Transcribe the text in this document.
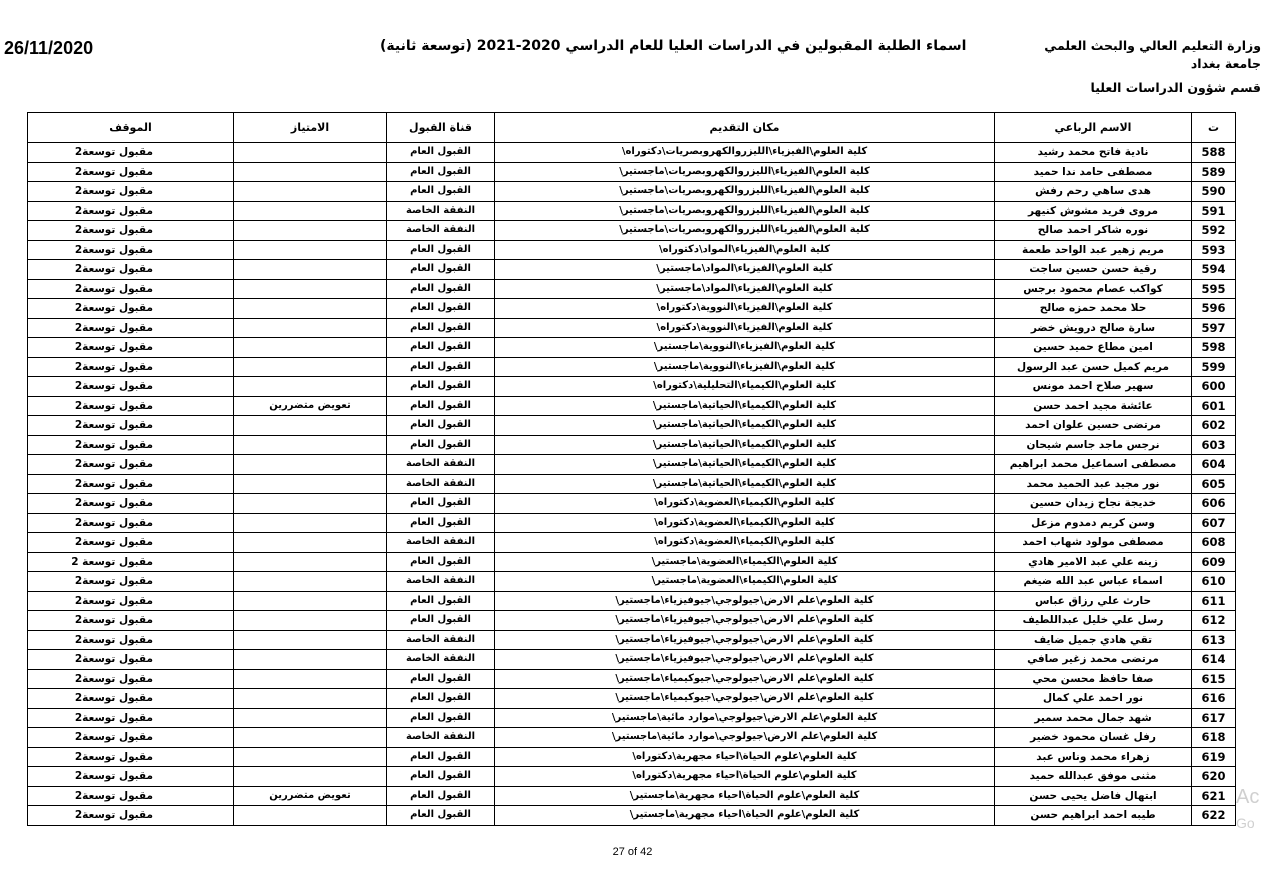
26/11/2020	اسماء الطلبة المقبولين في الدراسات العليا للعام الدراسي 2020-2021 (توسعة ثانية)	وزارة التعليم العالي والبحث العلمي
جامعة بغداد
قسم شؤون الدراسات العليا
ت	الاسم الرباعي	مكان التقديم	قناة القبول	الامتياز	الموقف
588	نادية فاتح محمد رشيد	كلية العلوم\الفيزياء\الليزروالكهروبصريات\دكتوراه\	القبول العام		مقبول توسعة2
589	مصطفى حامد ندا حميد	كلية العلوم\الفيزياء\الليزروالكهروبصريات\ماجستير\	القبول العام		مقبول توسعة2
590	هدى ساهي رحم رفش	كلية العلوم\الفيزياء\الليزروالكهروبصريات\ماجستير\	القبول العام		مقبول توسعة2
591	مروى فريد مشوش كنيهر	كلية العلوم\الفيزياء\الليزروالكهروبصريات\ماجستير\	النفقة الخاصة		مقبول توسعة2
592	نوره شاكر احمد صالح	كلية العلوم\الفيزياء\الليزروالكهروبصريات\ماجستير\	النفقة الخاصة		مقبول توسعة2
593	مريم زهير عبد الواحد طعمة	كلية العلوم\الفيزياء\المواد\دكتوراه\	القبول العام		مقبول توسعة2
594	رقية حسن حسين ساجت	كلية العلوم\الفيزياء\المواد\ماجستير\	القبول العام		مقبول توسعة2
595	كواكب عصام محمود برجس	كلية العلوم\الفيزياء\المواد\ماجستير\	القبول العام		مقبول توسعة2
596	حلا محمد حمزه صالح	كلية العلوم\الفيزياء\النووية\دكتوراه\	القبول العام		مقبول توسعة2
597	سارة صالح درويش خضر	كلية العلوم\الفيزياء\النووية\دكتوراه\	القبول العام		مقبول توسعة2
598	امين مطاع حميد حسين	كلية العلوم\الفيزياء\النووية\ماجستير\	القبول العام		مقبول توسعة2
599	مريم كميل حسن عبد الرسول	كلية العلوم\الفيزياء\النووية\ماجستير\	القبول العام		مقبول توسعة2
600	سهير صلاح احمد مونس	كلية العلوم\الكيمياء\التحليلية\دكتوراه\	القبول العام		مقبول توسعة2
601	عائشة مجيد احمد حسن	كلية العلوم\الكيمياء\الحياتية\ماجستير\	القبول العام	تعويض متضررين	مقبول توسعة2
602	مرتضى حسين علوان احمد	كلية العلوم\الكيمياء\الحياتية\ماجستير\	القبول العام		مقبول توسعة2
603	نرجس ماجد جاسم شيحان	كلية العلوم\الكيمياء\الحياتية\ماجستير\	القبول العام		مقبول توسعة2
604	مصطفى اسماعيل محمد ابراهيم	كلية العلوم\الكيمياء\الحياتية\ماجستير\	النفقة الخاصة		مقبول توسعة2
605	نور مجيد عبد الحميد محمد	كلية العلوم\الكيمياء\الحياتية\ماجستير\	النفقة الخاصة		مقبول توسعة2
606	خديجة نجاح زيدان حسين	كلية العلوم\الكيمياء\العضوية\دكتوراه\	القبول العام		مقبول توسعة2
607	وسن كريم دمدوم مزعل	كلية العلوم\الكيمياء\العضوية\دكتوراه\	القبول العام		مقبول توسعة2
608	مصطفى مولود شهاب احمد	كلية العلوم\الكيمياء\العضوية\دكتوراه\	النفقة الخاصة		مقبول توسعة2
609	زينه علي عبد الامير هادي	كلية العلوم\الكيمياء\العضوية\ماجستير\	القبول العام		مقبول توسعة 2
610	اسماء عباس عبد الله ضيغم	كلية العلوم\الكيمياء\العضوية\ماجستير\	النفقة الخاصة		مقبول توسعة2
611	حارث علي رزاق عباس	كلية العلوم\علم الارض\جيولوجي\جيوفيزياء\ماجستير\	القبول العام		مقبول توسعة2
612	رسل علي خليل عبداللطيف	كلية العلوم\علم الارض\جيولوجي\جيوفيزياء\ماجستير\	القبول العام		مقبول توسعة2
613	تقي هادي جميل ضايف	كلية العلوم\علم الارض\جيولوجي\جيوفيزياء\ماجستير\	النفقة الخاصة		مقبول توسعة2
614	مرتضى محمد زغير صافي	كلية العلوم\علم الارض\جيولوجي\جيوفيزياء\ماجستير\	النفقة الخاصة		مقبول توسعة2
615	صفا حافظ محسن محي	كلية العلوم\علم الارض\جيولوجي\جيوكيمياء\ماجستير\	القبول العام		مقبول توسعة2
616	نور احمد علي كمال	كلية العلوم\علم الارض\جيولوجي\جيوكيمياء\ماجستير\	القبول العام		مقبول توسعة2
617	شهد جمال محمد سمير	كلية العلوم\علم الارض\جيولوجي\موارد مائية\ماجستير\	القبول العام		مقبول توسعة2
618	رفل غسان محمود خضير	كلية العلوم\علم الارض\جيولوجي\موارد مائية\ماجستير\	النفقة الخاصة		مقبول توسعة2
619	زهراء محمد وناس عبد	كلية العلوم\علوم الحياة\احياء مجهرية\دكتوراه\	القبول العام		مقبول توسعة2
620	مثنى موفق عبدالله حميد	كلية العلوم\علوم الحياة\احياء مجهرية\دكتوراه\	القبول العام		مقبول توسعة2
621	ابتهال فاضل يحيى حسن	كلية العلوم\علوم الحياة\احياء مجهرية\ماجستير\	القبول العام	تعويض متضررين	مقبول توسعة2
622	طيبه احمد ابراهيم حسن	كلية العلوم\علوم الحياة\احياء مجهرية\ماجستير\	القبول العام		مقبول توسعة2
27 of 42
Ac
Go
